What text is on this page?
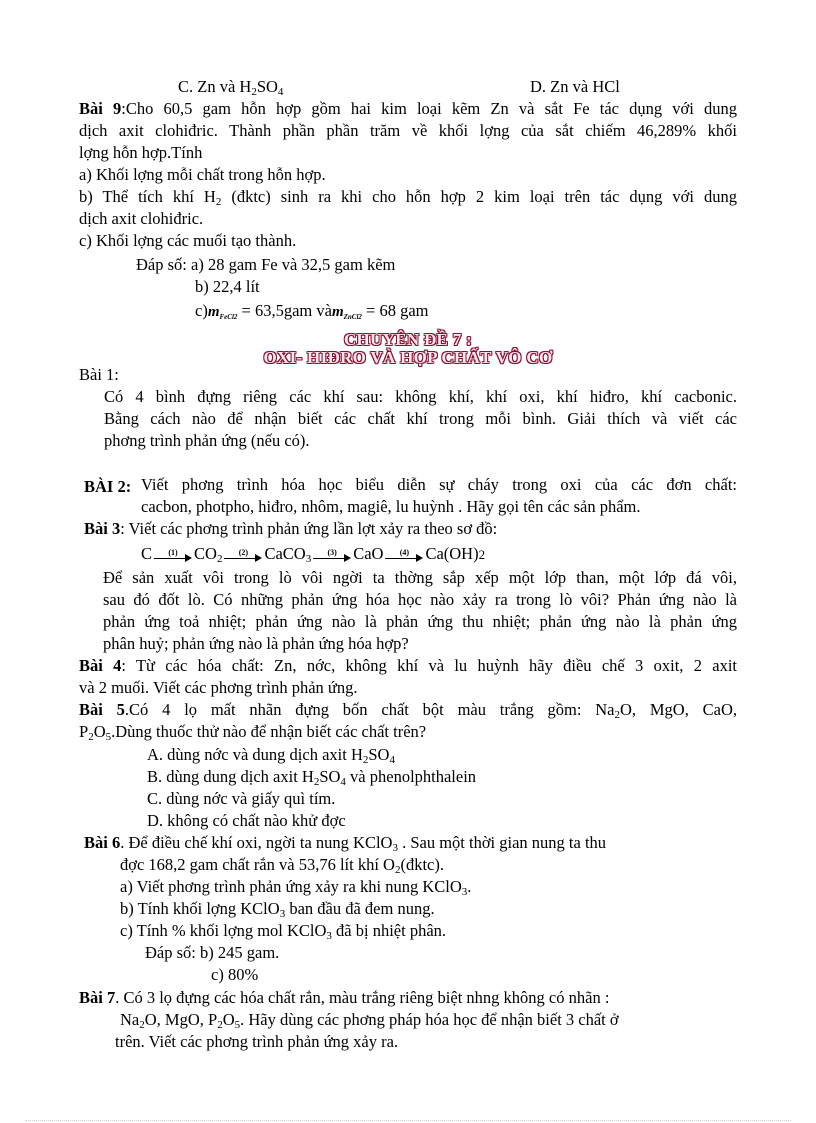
C. Zn và $H_2SO_4$	D. Zn và HCl
Bài 9:Cho 60,5 gam hỗn hợp gồm hai kim loại kẽm Zn và sắt Fe tác dụng với dung
dịch axit clohiđric. Thành phần phần trăm về khối lợng của sắt chiếm 46,289% khối
lợng hỗn hợp.Tính
a) Khối lợng mỗi chất trong hỗn hợp.
b) Thể tích khí $H_2$ (đktc) sinh ra khi cho hỗn hợp 2 kim loại trên tác dụng với dung
dịch axit clohiđric.
c) Khối lợng các muối tạo thành.
Đáp số: a) 28 gam Fe và 32,5 gam kẽm
b) 22,4 lít
$c)m_{FeCl2} = 63,5gam$ vàm$_{ZnCl2}$ = 68 gam
CHUYÊN ĐỀ 7 :
OXI- HIĐRO VÀ HỢP CHẤT VÔ CƠ
Bài 1:
Có 4 bình đựng riêng các khí sau: không khí, khí oxi, khí hiđro, khí cacbonic.
Bằng cách nào để nhận biết các chất khí trong mỗi bình. Giải thích và viết các
phơng trình phản ứng (nếu có).
BÀI 2: Viết phơng trình hóa học biểu diễn sự cháy trong oxi của các đơn chất:
cacbon, photpho, hiđro, nhôm, magiê, lu huỳnh . Hãy gọi tên các sản phẩm.
Bài 3: Viết các phơng trình phản ứng lần lợt xảy ra theo sơ đồ:
C	(1) $CO_2$
(2) CaCO$_3$
(3) CaO	(4) Ca(OH)2
Để sản xuất vôi trong lò vôi ngời ta thờng sắp xếp một lớp than, một lớp đá vôi,
sau đó đốt lò. Có những phản ứng hóa học nào xảy ra trong lò vôi? Phản ứng nào là
phản ứng toả nhiệt; phản ứng nào là phản ứng thu nhiệt; phản ứng nào là phản ứng
phân huỷ; phản ứng nào là phản ứng hóa hợp?
Bài 4: Từ các hóa chất: Zn, nớc, không khí và lu huỳnh hãy điều chế 3 oxit, 2 axit
và 2 muối. Viết các phơng trình phản ứng.
Bài 5.Có 4 lọ mất nhãn đựng bốn chất bột màu trắng gồm: $Na_2O$, MgO, CaO,
$P_2O_5.Dùng$ thuốc thử nào để nhận biết các chất trên?
A. dùng nớc và dung dịch axit $H_2SO_4$
B. dùng dung dịch axit $H_2SO_4$ và phenolphthalein
C. dùng nớc và giấy quì tím.
D. không có chất nào khử đợc
Bài 6. Để điều chế khí oxi, ngời ta nung KClO$_3$ . Sau một thời gian nung ta thu
đợc 168,2 gam chất rắn và 53,76 lít khí $O_2(đktc)$.
a) Viết phơng trình phản ứng xảy ra khi nung KClO$_3$.
b) Tính khối lợng KClO$_3$ ban đầu đã đem nung.
c) Tính % khối lợng mol KClO$_3$ đã bị nhiệt phân.
Đáp số: b) 245 gam.
c) 80%
Bài 7. Có 3 lọ đựng các hóa chất rắn, màu trắng riêng biệt nhng không có nhãn :
$Na_2O$, MgO, $P_2O_5$. Hãy dùng các phơng pháp hóa học để nhận biết 3 chất ở
trên. Viết các phơng trình phản ứng xảy ra.
